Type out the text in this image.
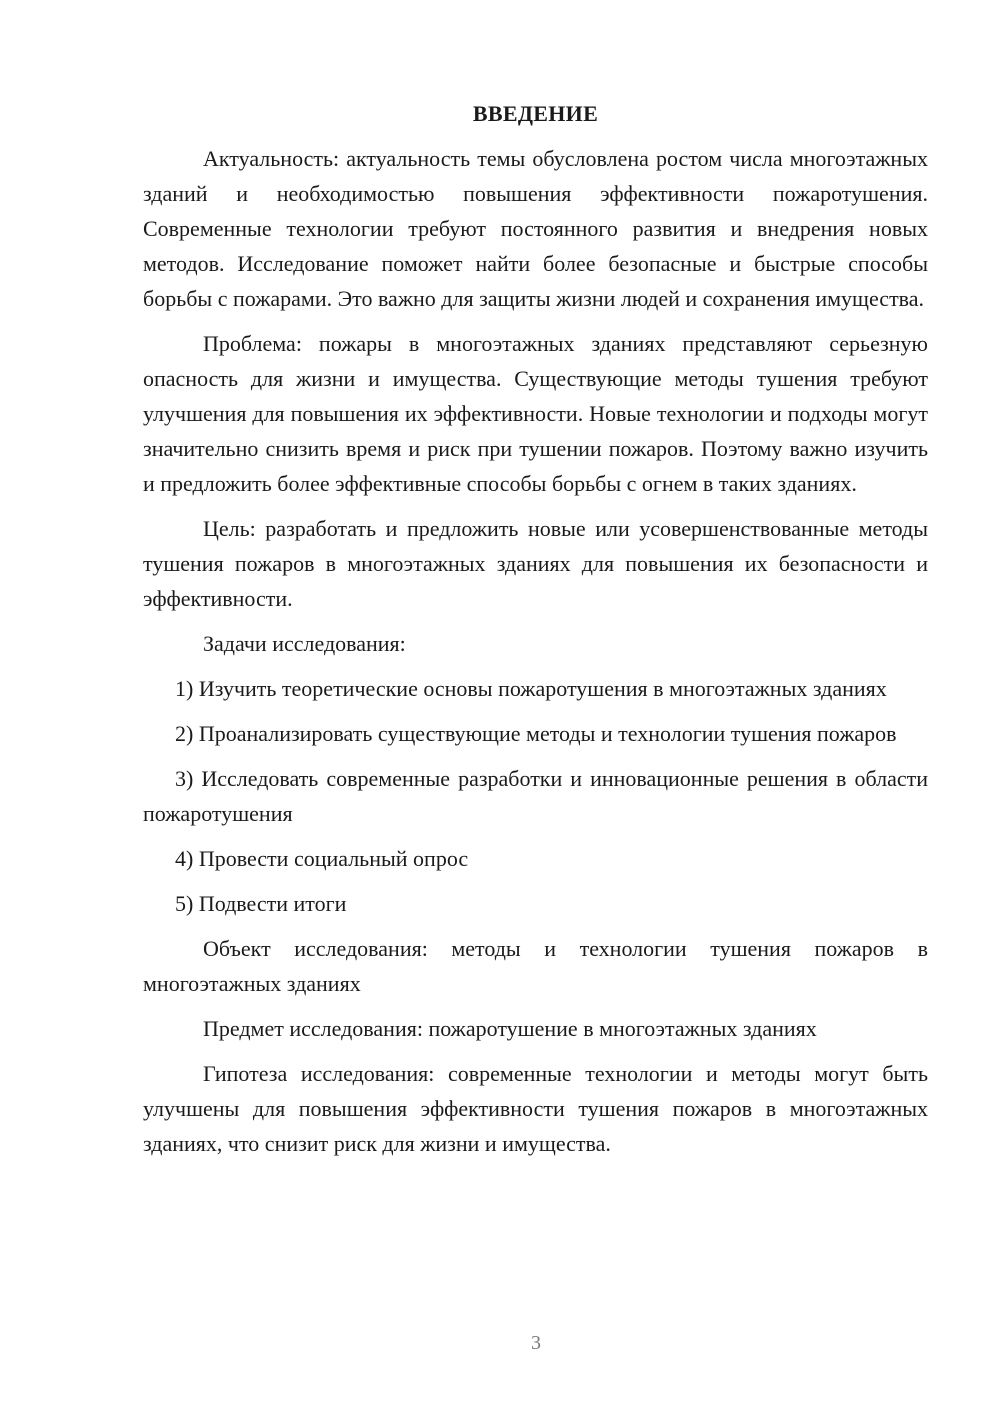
ВВЕДЕНИЕ

Актуальность: актуальность темы обусловлена ростом числа многоэтажных зданий и необходимостью повышения эффективности пожаротушения. Современные технологии требуют постоянного развития и внедрения новых методов. Исследование поможет найти более безопасные и быстрые способы борьбы с пожарами. Это важно для защиты жизни людей и сохранения имущества.

Проблема: пожары в многоэтажных зданиях представляют серьезную опасность для жизни и имущества. Существующие методы тушения требуют улучшения для повышения их эффективности. Новые технологии и подходы могут значительно снизить время и риск при тушении пожаров. Поэтому важно изучить и предложить более эффективные способы борьбы с огнем в таких зданиях.

Цель: разработать и предложить новые или усовершенствованные методы тушения пожаров в многоэтажных зданиях для повышения их безопасности и эффективности.

Задачи исследования:

1) Изучить теоретические основы пожаротушения в многоэтажных зданиях

2) Проанализировать существующие методы и технологии тушения пожаров

3) Исследовать современные разработки и инновационные решения в области пожаротушения

4) Провести социальный опрос

5) Подвести итоги

Объект исследования: методы и технологии тушения пожаров в многоэтажных зданиях

Предмет исследования: пожаротушение в многоэтажных зданиях

Гипотеза исследования: современные технологии и методы могут быть улучшены для повышения эффективности тушения пожаров в многоэтажных зданиях, что снизит риск для жизни и имущества.

3
